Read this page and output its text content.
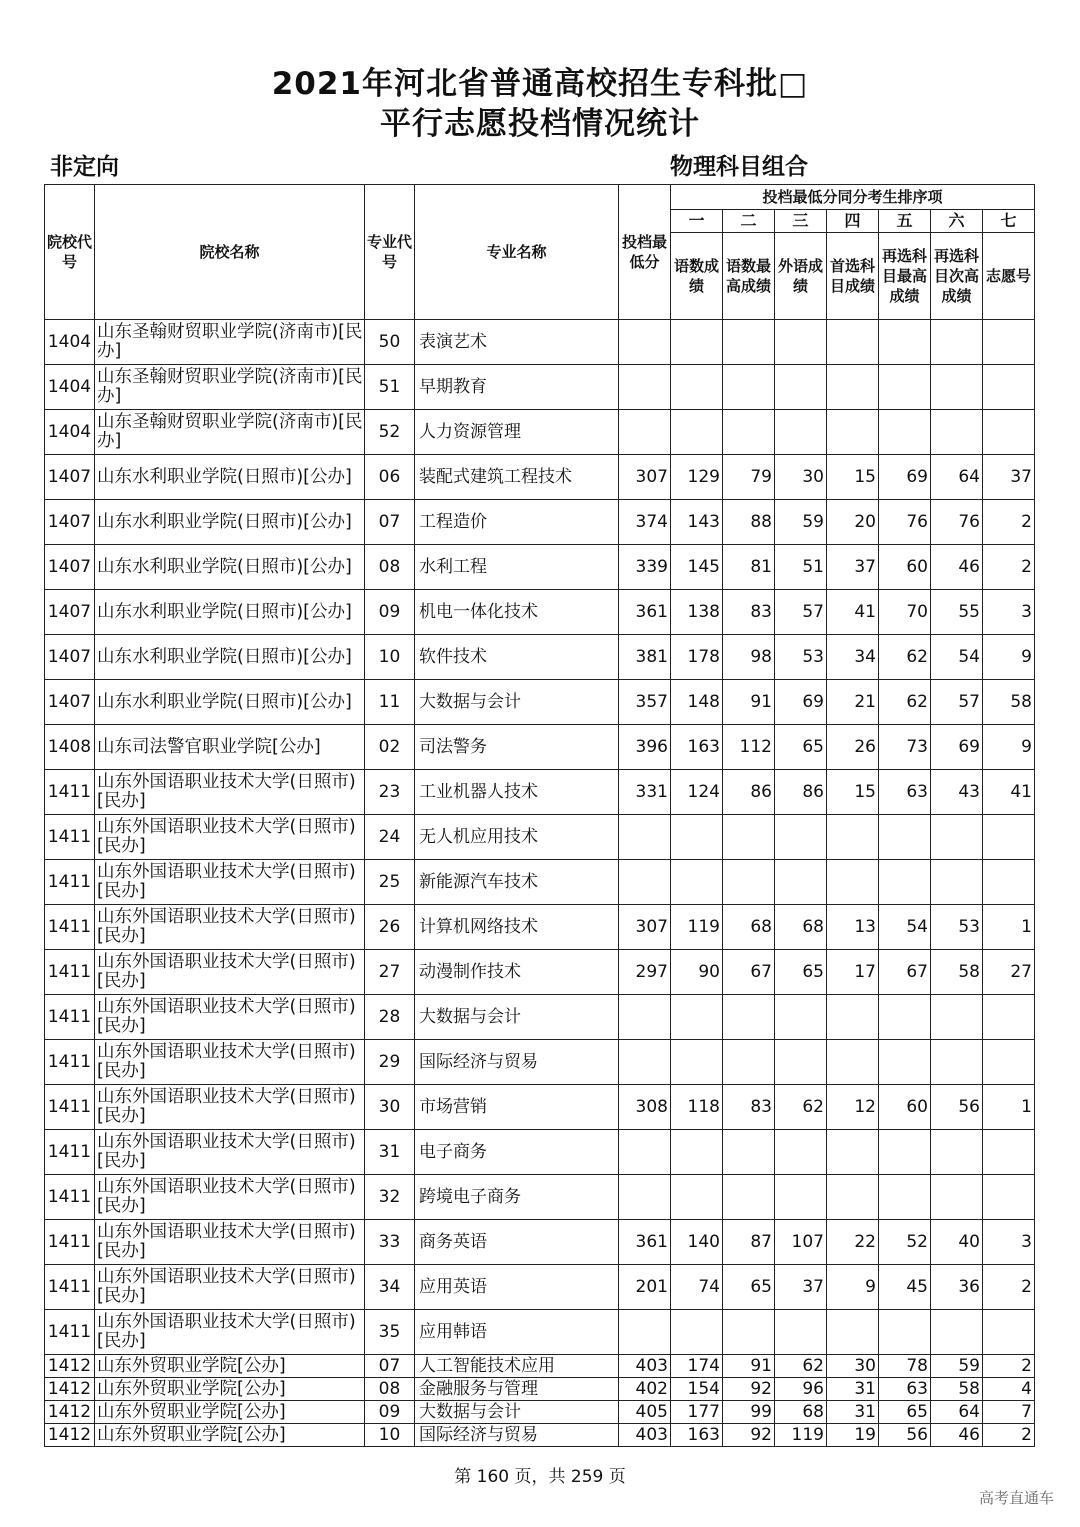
2021年河北省普通高校招生专科批□
平行志愿投档情况统计
非定向	物理科目组合
院校代号	院校名称	专业代号	专业名称	投档最低分	投档最低分同分考生排序项						
					一	二	三	四	五	六	七
					语数成绩	语数最高成绩	外语成绩	首选科目成绩	再选科目最高成绩	再选科目次高成绩	志愿号
1404	山东圣翰财贸职业学院(济南市)[民办]	50	表演艺术								
1404	山东圣翰财贸职业学院(济南市)[民办]	51	早期教育								
1404	山东圣翰财贸职业学院(济南市)[民办]	52	人力资源管理								
1407	山东水利职业学院(日照市)[公办]	06	装配式建筑工程技术	307	129	79	30	15	69	64	37
1407	山东水利职业学院(日照市)[公办]	07	工程造价	374	143	88	59	20	76	76	2
1407	山东水利职业学院(日照市)[公办]	08	水利工程	339	145	81	51	37	60	46	2
1407	山东水利职业学院(日照市)[公办]	09	机电一体化技术	361	138	83	57	41	70	55	3
1407	山东水利职业学院(日照市)[公办]	10	软件技术	381	178	98	53	34	62	54	9
1407	山东水利职业学院(日照市)[公办]	11	大数据与会计	357	148	91	69	21	62	57	58
1408	山东司法警官职业学院[公办]	02	司法警务	396	163	112	65	26	73	69	9
1411	山东外国语职业技术大学(日照市)[民办]	23	工业机器人技术	331	124	86	86	15	63	43	41
1411	山东外国语职业技术大学(日照市)[民办]	24	无人机应用技术								
1411	山东外国语职业技术大学(日照市)[民办]	25	新能源汽车技术								
1411	山东外国语职业技术大学(日照市)[民办]	26	计算机网络技术	307	119	68	68	13	54	53	1
1411	山东外国语职业技术大学(日照市)[民办]	27	动漫制作技术	297	90	67	65	17	67	58	27
1411	山东外国语职业技术大学(日照市)[民办]	28	大数据与会计								
1411	山东外国语职业技术大学(日照市)[民办]	29	国际经济与贸易								
1411	山东外国语职业技术大学(日照市)[民办]	30	市场营销	308	118	83	62	12	60	56	1
1411	山东外国语职业技术大学(日照市)[民办]	31	电子商务								
1411	山东外国语职业技术大学(日照市)[民办]	32	跨境电子商务								
1411	山东外国语职业技术大学(日照市)[民办]	33	商务英语	361	140	87	107	22	52	40	3
1411	山东外国语职业技术大学(日照市)[民办]	34	应用英语	201	74	65	37	9	45	36	2
1411	山东外国语职业技术大学(日照市)[民办]	35	应用韩语								
1412	山东外贸职业学院[公办]	07	人工智能技术应用	403	174	91	62	30	78	59	2
1412	山东外贸职业学院[公办]	08	金融服务与管理	402	154	92	96	31	63	58	4
1412	山东外贸职业学院[公办]	09	大数据与会计	405	177	99	68	31	65	64	7
1412	山东外贸职业学院[公办]	10	国际经济与贸易	403	163	92	119	19	56	46	2
第 160 页，共 259 页
高考直通车
